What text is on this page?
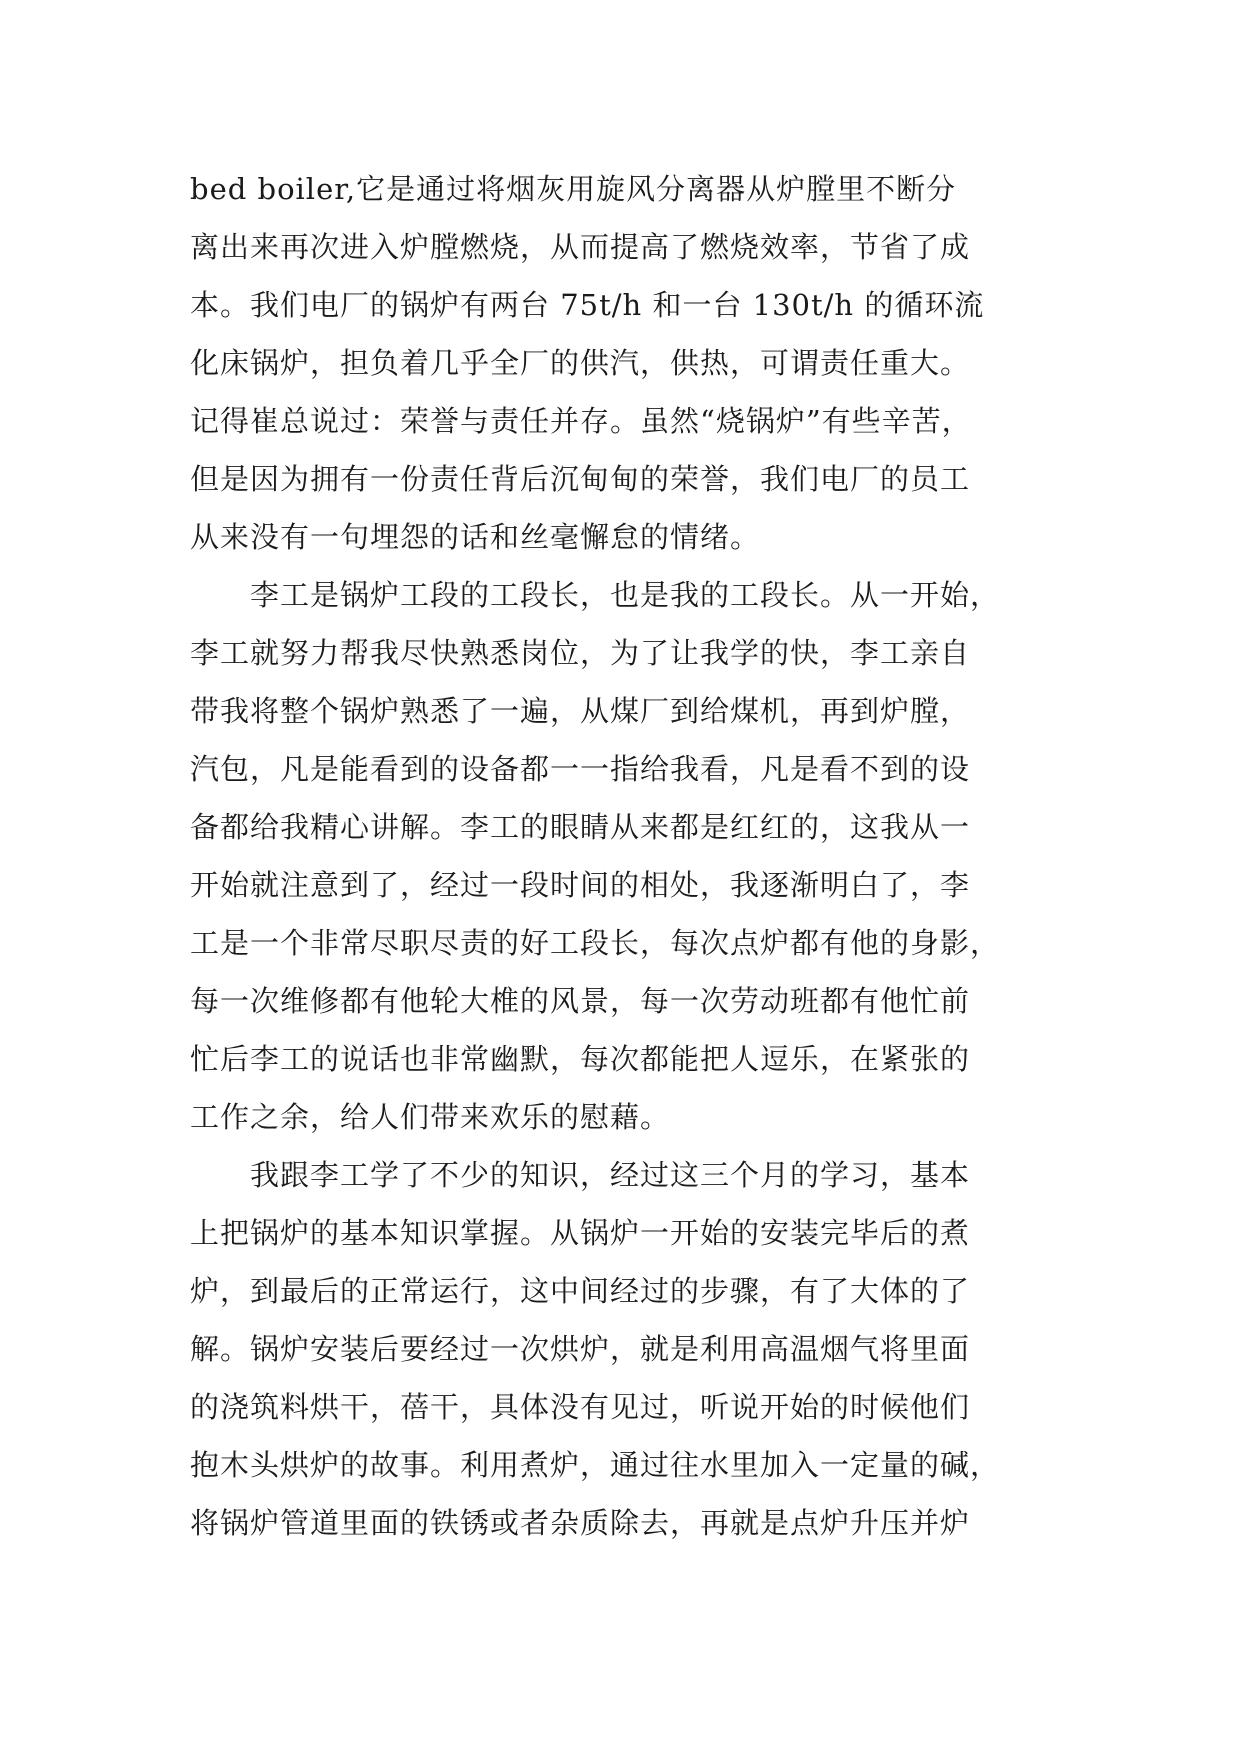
bed boiler,它是通过将烟灰用旋风分离器从炉膛里不断分
离出来再次进入炉膛燃烧，从而提高了燃烧效率，节省了成
本。我们电厂的锅炉有两台 75t/h 和一台 130t/h 的循环流
化床锅炉，担负着几乎全厂的供汽，供热，可谓责任重大。
记得崔总说过：荣誉与责任并存。虽然“烧锅炉”有些辛苦，
但是因为拥有一份责任背后沉甸甸的荣誉，我们电厂的员工
从来没有一句埋怨的话和丝毫懈怠的情绪。
　　李工是锅炉工段的工段长，也是我的工段长。从一开始，
李工就努力帮我尽快熟悉岗位，为了让我学的快，李工亲自
带我将整个锅炉熟悉了一遍，从煤厂到给煤机，再到炉膛，
汽包，凡是能看到的设备都一一指给我看，凡是看不到的设
备都给我精心讲解。李工的眼睛从来都是红红的，这我从一
开始就注意到了，经过一段时间的相处，我逐渐明白了，李
工是一个非常尽职尽责的好工段长，每次点炉都有他的身影，
每一次维修都有他轮大椎的风景，每一次劳动班都有他忙前
忙后李工的说话也非常幽默，每次都能把人逗乐，在紧张的
工作之余，给人们带来欢乐的慰藉。
　　我跟李工学了不少的知识，经过这三个月的学习，基本
上把锅炉的基本知识掌握。从锅炉一开始的安装完毕后的煮
炉，到最后的正常运行，这中间经过的步骤，有了大体的了
解。锅炉安装后要经过一次烘炉，就是利用高温烟气将里面
的浇筑料烘干，蓓干，具体没有见过，听说开始的时候他们
抱木头烘炉的故事。利用煮炉，通过往水里加入一定量的碱，
将锅炉管道里面的铁锈或者杂质除去，再就是点炉升压并炉
